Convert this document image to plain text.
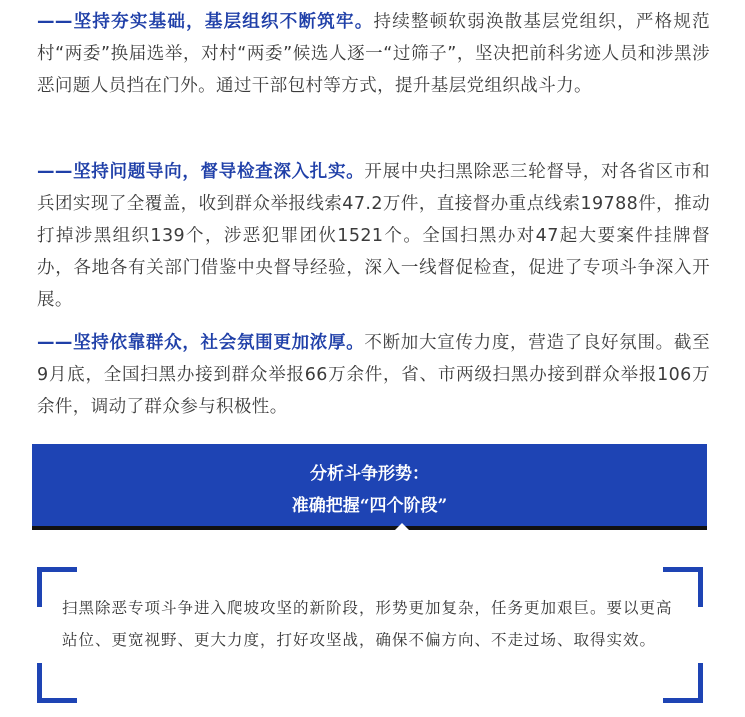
——坚持夯实基础，基层组织不断筑牢。持续整顿软弱涣散基层党组织，严格规范村“两委”换届选举，对村“两委”候选人逐一“过筛子”，坚决把前科劣迹人员和涉黑涉恶问题人员挡在门外。通过干部包村等方式，提升基层党组织战斗力。

——坚持问题导向，督导检查深入扎实。开展中央扫黑除恶三轮督导，对各省区市和兵团实现了全覆盖，收到群众举报线索47.2万件，直接督办重点线索19788件，推动打掉涉黑组织139个，涉恶犯罪团伙1521个。全国扫黑办对47起大要案件挂牌督办，各地各有关部门借鉴中央督导经验，深入一线督促检查，促进了专项斗争深入开展。

——坚持依靠群众，社会氛围更加浓厚。不断加大宣传力度，营造了良好氛围。截至9月底，全国扫黑办接到群众举报66万余件，省、市两级扫黑办接到群众举报106万余件，调动了群众参与积极性。

分析斗争形势：
准确把握“四个阶段”
扫黑除恶专项斗争进入爬坡攻坚的新阶段，形势更加复杂，任务更加艰巨。要以更高站位、更宽视野、更大力度，打好攻坚战，确保不偏方向、不走过场、取得实效。
